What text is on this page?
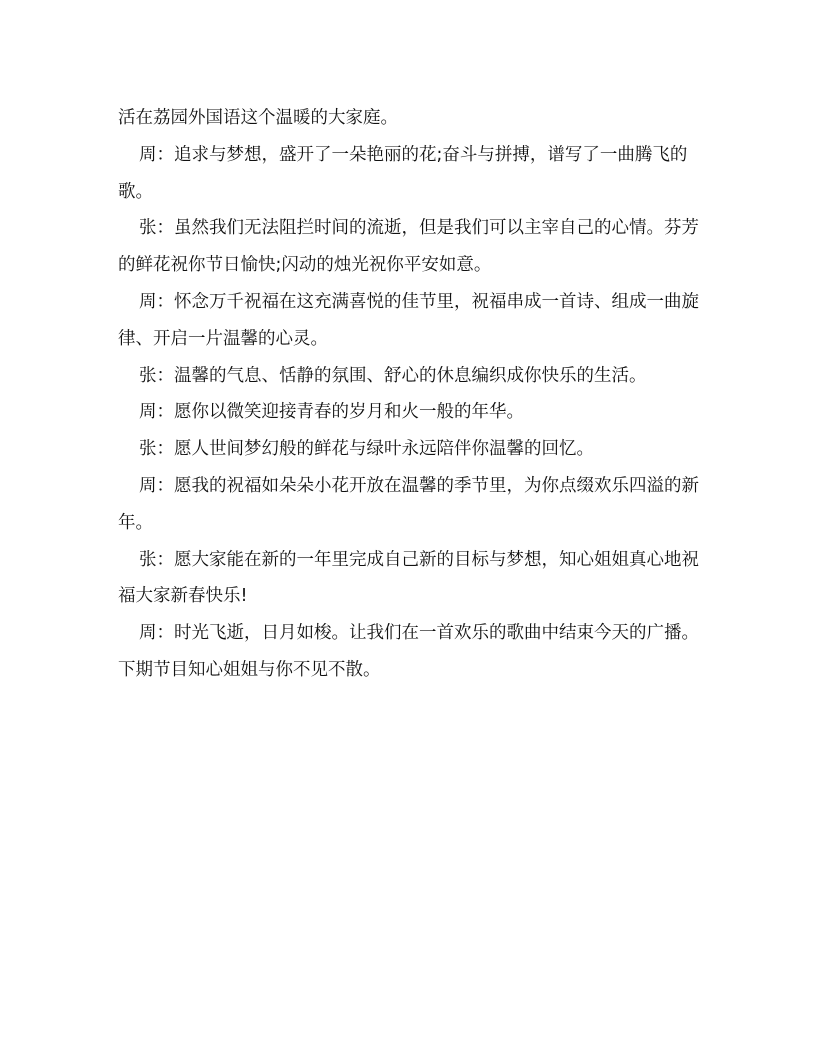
活在荔园外国语这个温暖的大家庭。

周：追求与梦想，盛开了一朵艳丽的花;奋斗与拼搏，谱写了一曲腾飞的歌。

张：虽然我们无法阻拦时间的流逝，但是我们可以主宰自己的心情。芬芳的鲜花祝你节日愉快;闪动的烛光祝你平安如意。

周：怀念万千祝福在这充满喜悦的佳节里，祝福串成一首诗、组成一曲旋律、开启一片温馨的心灵。

张：温馨的气息、恬静的氛围、舒心的休息编织成你快乐的生活。

周：愿你以微笑迎接青春的岁月和火一般的年华。

张：愿人世间梦幻般的鲜花与绿叶永远陪伴你温馨的回忆。

周：愿我的祝福如朵朵小花开放在温馨的季节里，为你点缀欢乐四溢的新年。

张：愿大家能在新的一年里完成自己新的目标与梦想，知心姐姐真心地祝福大家新春快乐!

周：时光飞逝，日月如梭。让我们在一首欢乐的歌曲中结束今天的广播。下期节目知心姐姐与你不见不散。
